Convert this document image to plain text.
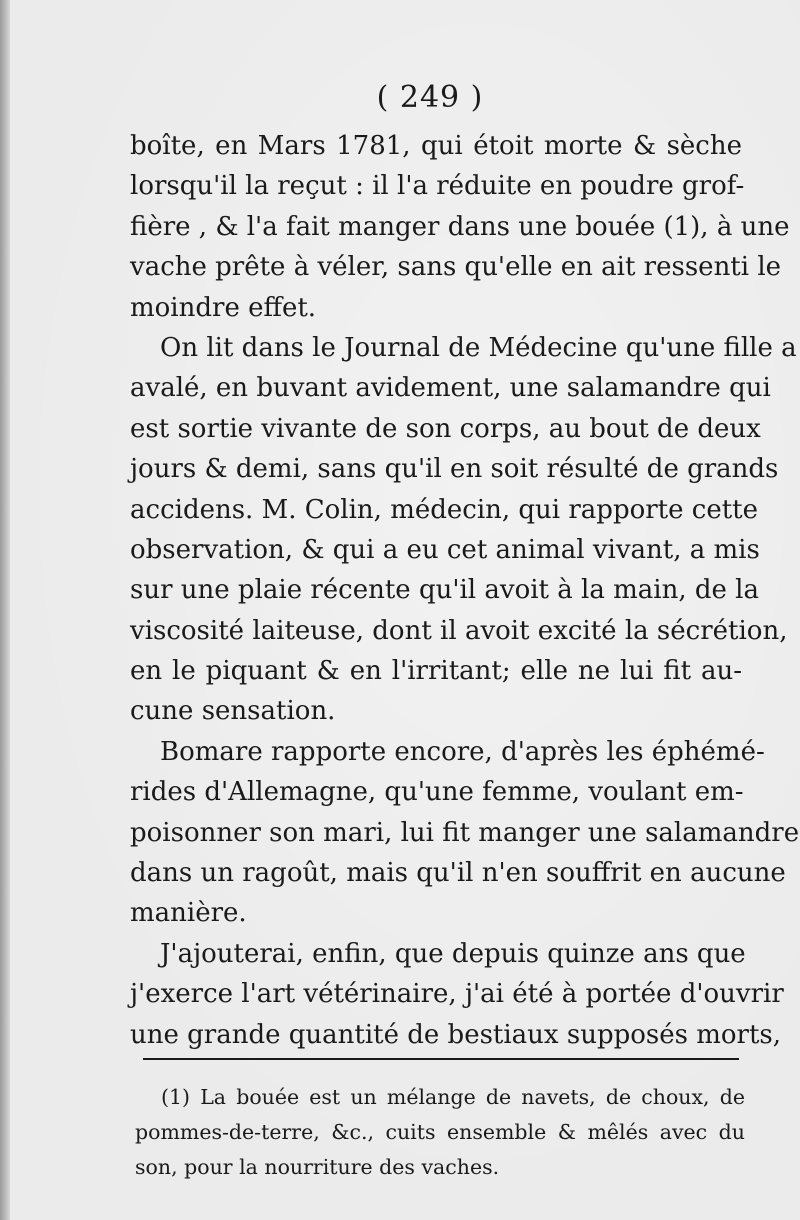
( 249 )
boîte, en Mars 1781, qui étoit morte & sèche
lorsqu'il la reçut : il l'a réduite en poudre grof-
fière , & l'a fait manger dans une bouée (1), à une
vache prête à véler, sans qu'elle en ait ressenti le
moindre effet.
On lit dans le Journal de Médecine qu'une fille a
avalé, en buvant avidement, une salamandre qui
est sortie vivante de son corps, au bout de deux
jours & demi, sans qu'il en soit résulté de grands
accidens. M. Colin, médecin, qui rapporte cette
observation, & qui a eu cet animal vivant, a mis
sur une plaie récente qu'il avoit à la main, de la
viscosité laiteuse, dont il avoit excité la sécrétion,
en le piquant & en l'irritant; elle ne lui fit au-
cune sensation.
Bomare rapporte encore, d'après les éphémé-
rides d'Allemagne, qu'une femme, voulant em-
poisonner son mari, lui fit manger une salamandre
dans un ragoût, mais qu'il n'en souffrit en aucune
manière.
J'ajouterai, enfin, que depuis quinze ans que
j'exerce l'art vétérinaire, j'ai été à portée d'ouvrir
une grande quantité de bestiaux supposés morts,
(1) La bouée est un mélange de navets, de choux, de
pommes-de-terre, &c., cuits ensemble & mêlés avec du
son, pour la nourriture des vaches.
